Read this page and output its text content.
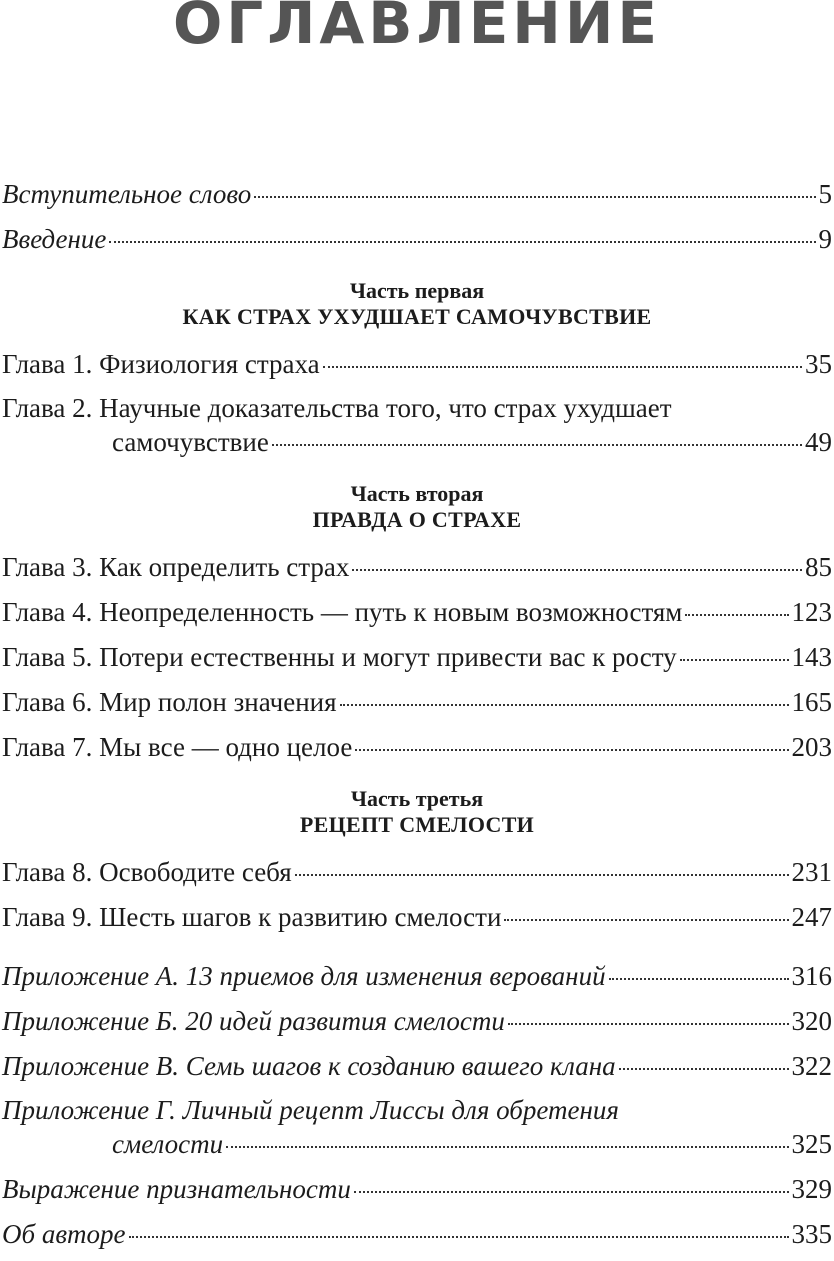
ОГЛАВЛЕНИЕ
Вступительное слово	5
Введение	9
Часть первая
КАК СТРАХ УХУДШАЕТ САМОЧУВСТВИЕ
Глава 1. Физиология страха	35
Глава 2. Научные доказательства того, что страх ухудшает
самочувствие	49
Часть вторая
ПРАВДА О СТРАХЕ
Глава 3. Как определить страх	85
Глава 4. Неопределенность — путь к новым возможностям	123
Глава 5. Потери естественны и могут привести вас к росту	143
Глава 6. Мир полон значения	165
Глава 7. Мы все — одно целое	203
Часть третья
РЕЦЕПТ СМЕЛОСТИ
Глава 8. Освободите себя	231
Глава 9. Шесть шагов к развитию смелости	247
Приложение А. 13 приемов для изменения верований	316
Приложение Б. 20 идей развития смелости	320
Приложение В. Семь шагов к созданию вашего клана	322
Приложение Г. Личный рецепт Лиссы для обретения
смелости	325
Выражение признательности	329
Об авторе	335
